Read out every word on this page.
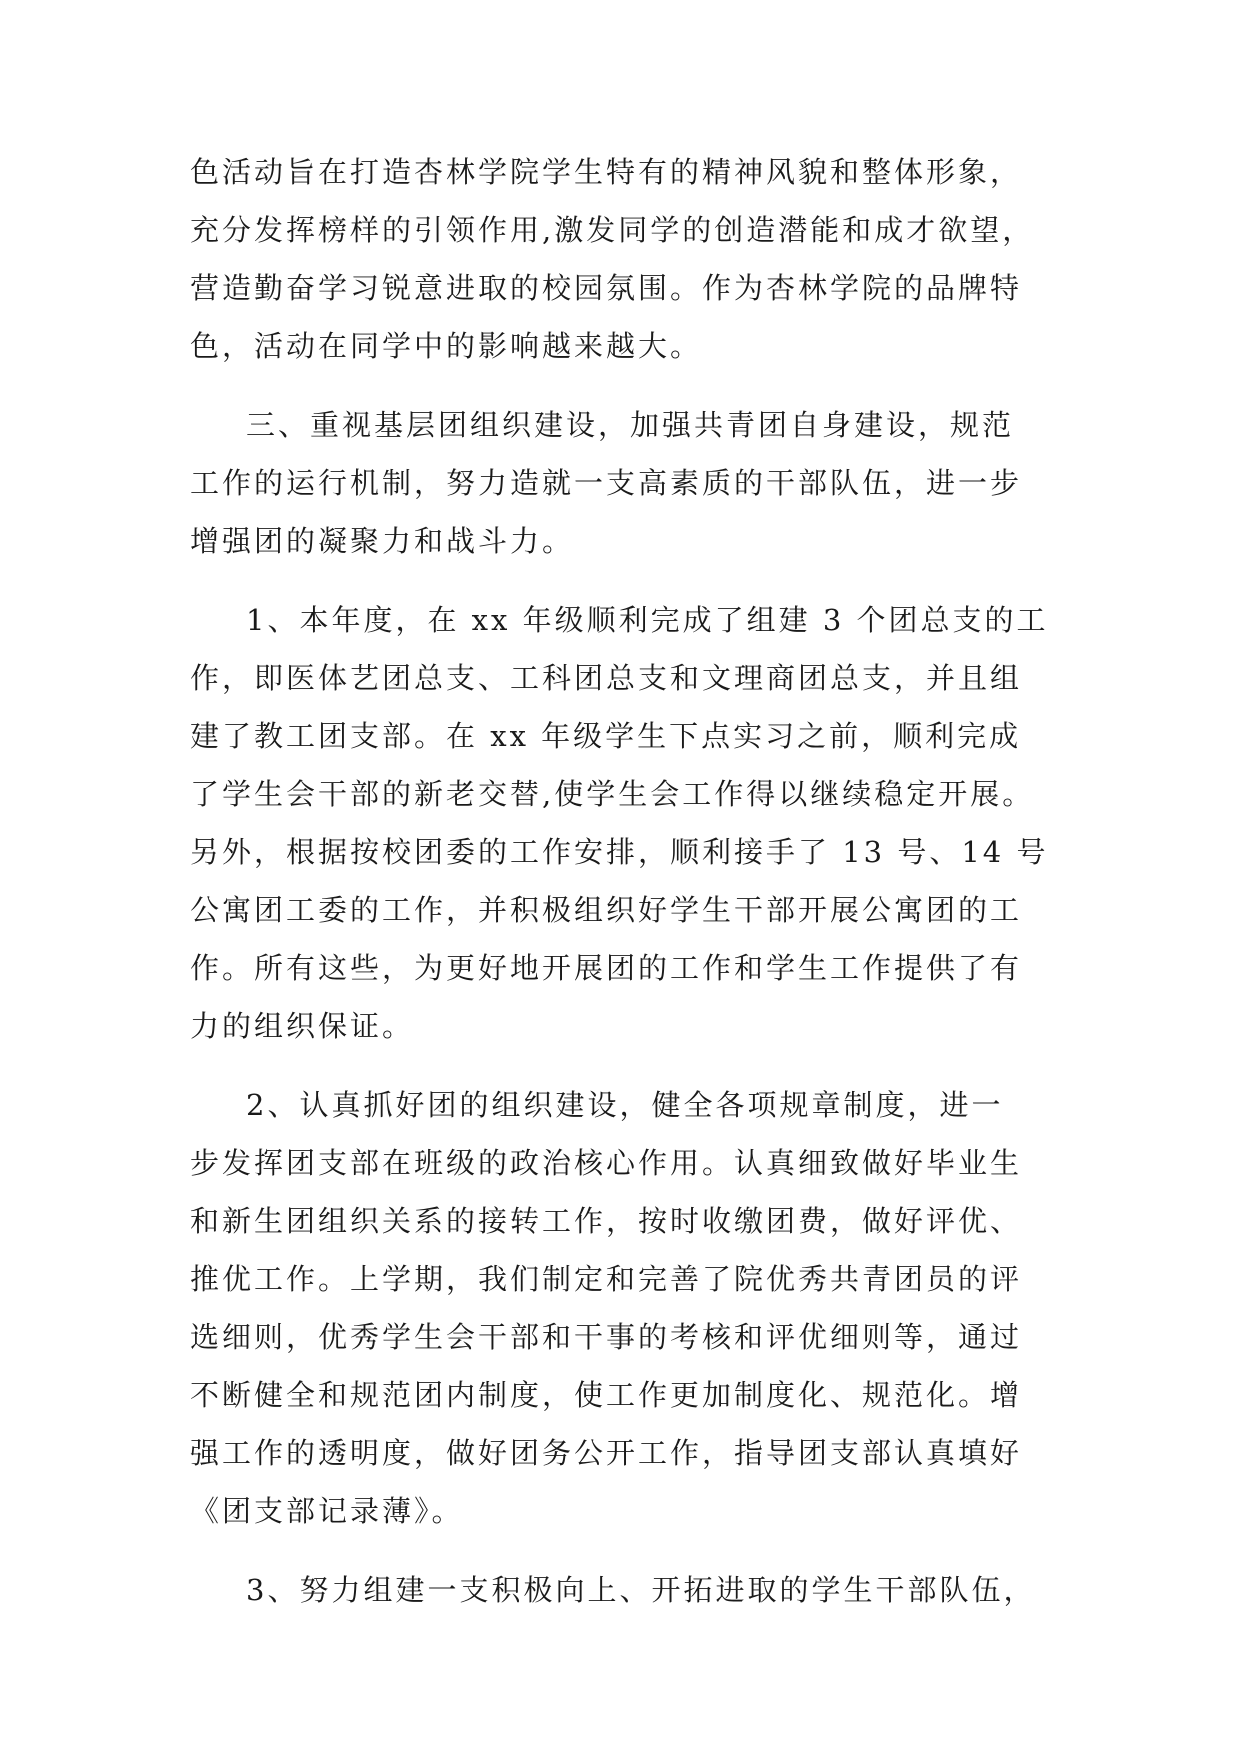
色活动旨在打造杏林学院学生特有的精神风貌和整体形象，
充分发挥榜样的引领作用,激发同学的创造潜能和成才欲望，
营造勤奋学习锐意进取的校园氛围。作为杏林学院的品牌特
色，活动在同学中的影响越来越大。
三、重视基层团组织建设，加强共青团自身建设，规范
工作的运行机制，努力造就一支高素质的干部队伍，进一步
增强团的凝聚力和战斗力。
1、本年度，在 xx 年级顺利完成了组建 3 个团总支的工
作，即医体艺团总支、工科团总支和文理商团总支，并且组
建了教工团支部。在 xx 年级学生下点实习之前，顺利完成
了学生会干部的新老交替,使学生会工作得以继续稳定开展。
另外，根据按校团委的工作安排，顺利接手了 13 号、14 号
公寓团工委的工作，并积极组织好学生干部开展公寓团的工
作。所有这些，为更好地开展团的工作和学生工作提供了有
力的组织保证。
2、认真抓好团的组织建设，健全各项规章制度，进一
步发挥团支部在班级的政治核心作用。认真细致做好毕业生
和新生团组织关系的接转工作，按时收缴团费，做好评优、
推优工作。上学期，我们制定和完善了院优秀共青团员的评
选细则，优秀学生会干部和干事的考核和评优细则等，通过
不断健全和规范团内制度，使工作更加制度化、规范化。增
强工作的透明度，做好团务公开工作，指导团支部认真填好
《团支部记录薄》。
3、努力组建一支积极向上、开拓进取的学生干部队伍，
